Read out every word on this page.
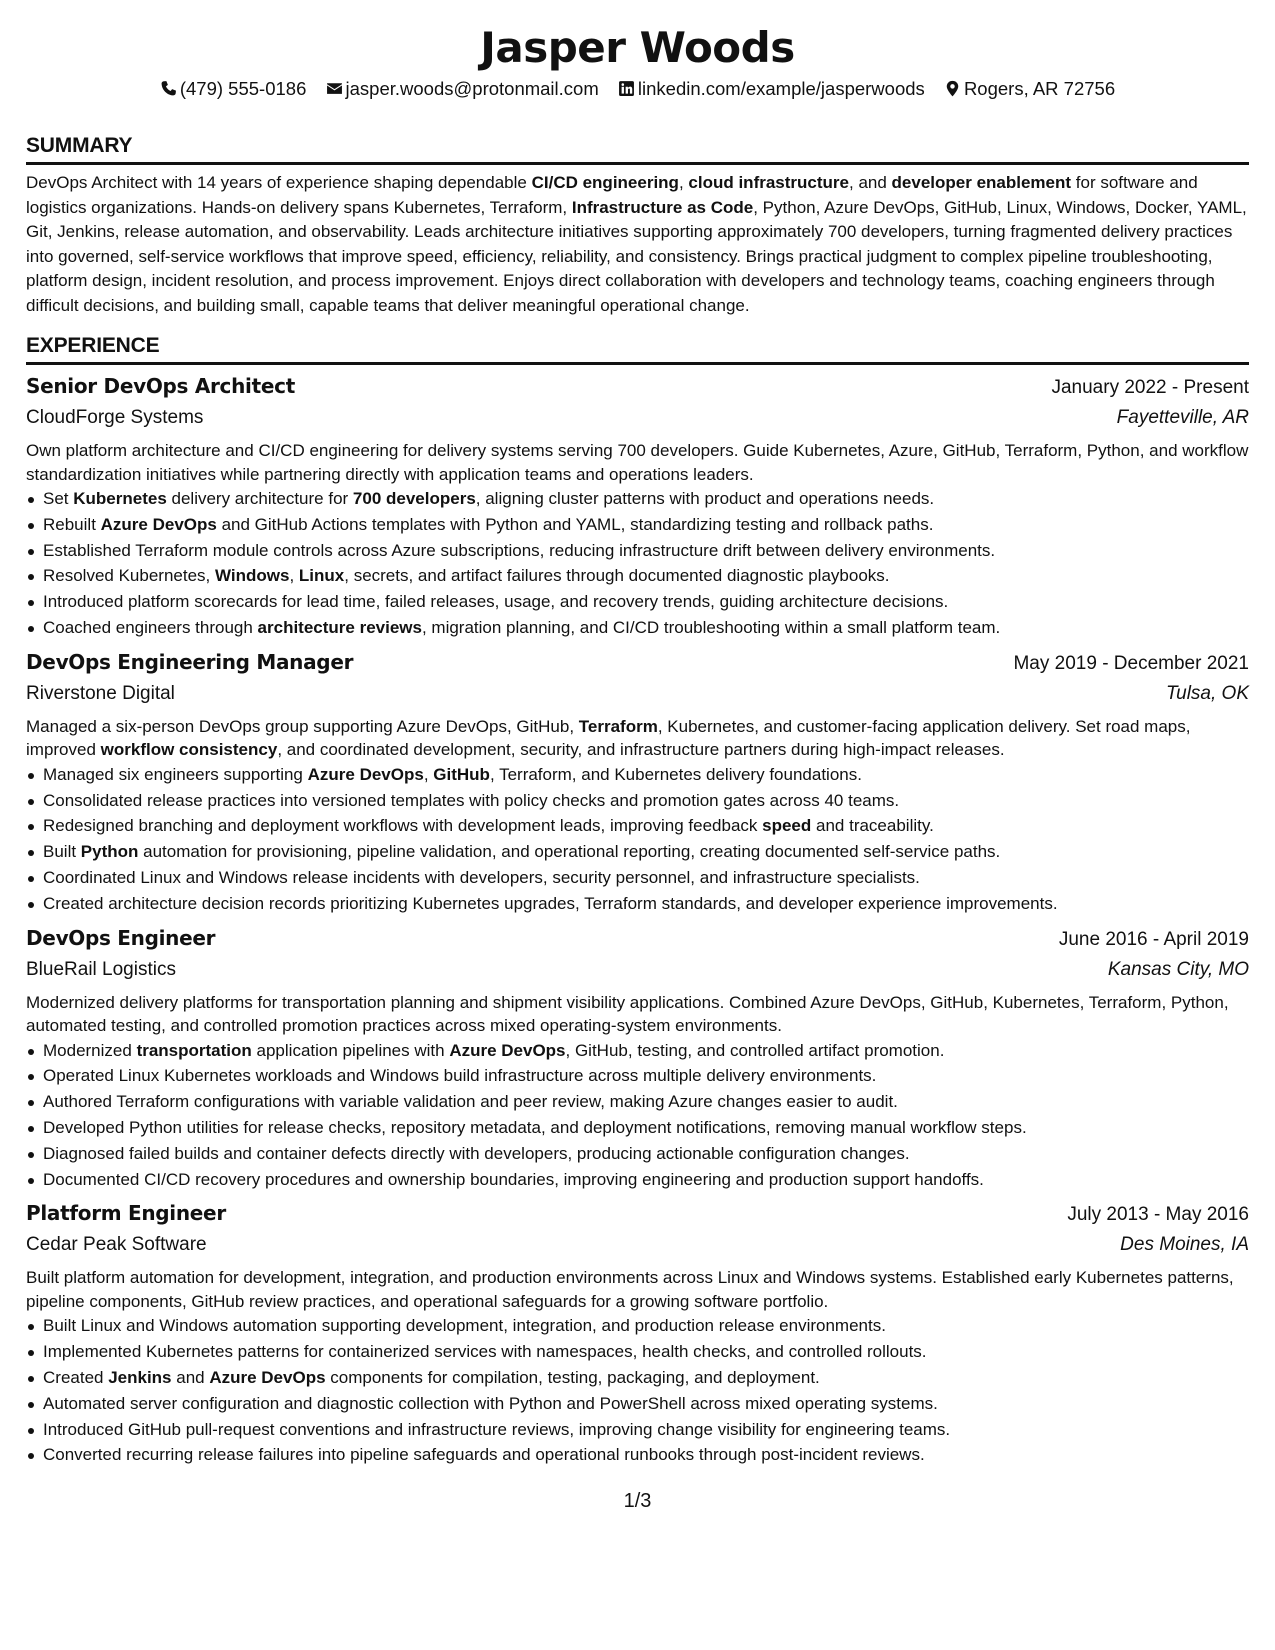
Jasper Woods
(479) 555-0186 jasper.woods@protonmail.com linkedin.com/example/jasperwoods Rogers, AR 72756
SUMMARY

DevOps Architect with 14 years of experience shaping dependable CI/CD engineering, cloud infrastructure, and developer enablement for software and logistics organizations. Hands-on delivery spans Kubernetes, Terraform, Infrastructure as Code, Python, Azure DevOps, GitHub, Linux, Windows, Docker, YAML, Git, Jenkins, release automation, and observability. Leads architecture initiatives supporting approximately 700 developers, turning fragmented delivery practices into governed, self-service workflows that improve speed, efficiency, reliability, and consistency. Brings practical judgment to complex pipeline troubleshooting, platform design, incident resolution, and process improvement. Enjoys direct collaboration with developers and technology teams, coaching engineers through difficult decisions, and building small, capable teams that deliver meaningful operational change.

EXPERIENCE
Senior DevOps Architect	January 2022 - Present
CloudForge Systems	Fayetteville, AR

Own platform architecture and CI/CD engineering for delivery systems serving 700 developers. Guide Kubernetes, Azure, GitHub, Terraform, Python, and workflow standardization initiatives while partnering directly with application teams and operations leaders.

Set Kubernetes delivery architecture for 700 developers, aligning cluster patterns with product and operations needs.
Rebuilt Azure DevOps and GitHub Actions templates with Python and YAML, standardizing testing and rollback paths.
Established Terraform module controls across Azure subscriptions, reducing infrastructure drift between delivery environments.
Resolved Kubernetes, Windows, Linux, secrets, and artifact failures through documented diagnostic playbooks.
Introduced platform scorecards for lead time, failed releases, usage, and recovery trends, guiding architecture decisions.
Coached engineers through architecture reviews, migration planning, and CI/CD troubleshooting within a small platform team.
DevOps Engineering Manager	May 2019 - December 2021
Riverstone Digital	Tulsa, OK

Managed a six-person DevOps group supporting Azure DevOps, GitHub, Terraform, Kubernetes, and customer-facing application delivery. Set road maps, improved workflow consistency, and coordinated development, security, and infrastructure partners during high-impact releases.

Managed six engineers supporting Azure DevOps, GitHub, Terraform, and Kubernetes delivery foundations.
Consolidated release practices into versioned templates with policy checks and promotion gates across 40 teams.
Redesigned branching and deployment workflows with development leads, improving feedback speed and traceability.
Built Python automation for provisioning, pipeline validation, and operational reporting, creating documented self-service paths.
Coordinated Linux and Windows release incidents with developers, security personnel, and infrastructure specialists.
Created architecture decision records prioritizing Kubernetes upgrades, Terraform standards, and developer experience improvements.
DevOps Engineer	June 2016 - April 2019
BlueRail Logistics	Kansas City, MO

Modernized delivery platforms for transportation planning and shipment visibility applications. Combined Azure DevOps, GitHub, Kubernetes, Terraform, Python, automated testing, and controlled promotion practices across mixed operating-system environments.

Modernized transportation application pipelines with Azure DevOps, GitHub, testing, and controlled artifact promotion.
Operated Linux Kubernetes workloads and Windows build infrastructure across multiple delivery environments.
Authored Terraform configurations with variable validation and peer review, making Azure changes easier to audit.
Developed Python utilities for release checks, repository metadata, and deployment notifications, removing manual workflow steps.
Diagnosed failed builds and container defects directly with developers, producing actionable configuration changes.
Documented CI/CD recovery procedures and ownership boundaries, improving engineering and production support handoffs.
Platform Engineer	July 2013 - May 2016
Cedar Peak Software	Des Moines, IA

Built platform automation for development, integration, and production environments across Linux and Windows systems. Established early Kubernetes patterns, pipeline components, GitHub review practices, and operational safeguards for a growing software portfolio.

Built Linux and Windows automation supporting development, integration, and production release environments.
Implemented Kubernetes patterns for containerized services with namespaces, health checks, and controlled rollouts.
Created Jenkins and Azure DevOps components for compilation, testing, packaging, and deployment.
Automated server configuration and diagnostic collection with Python and PowerShell across mixed operating systems.
Introduced GitHub pull-request conventions and infrastructure reviews, improving change visibility for engineering teams.
Converted recurring release failures into pipeline safeguards and operational runbooks through post-incident reviews.
1/3
